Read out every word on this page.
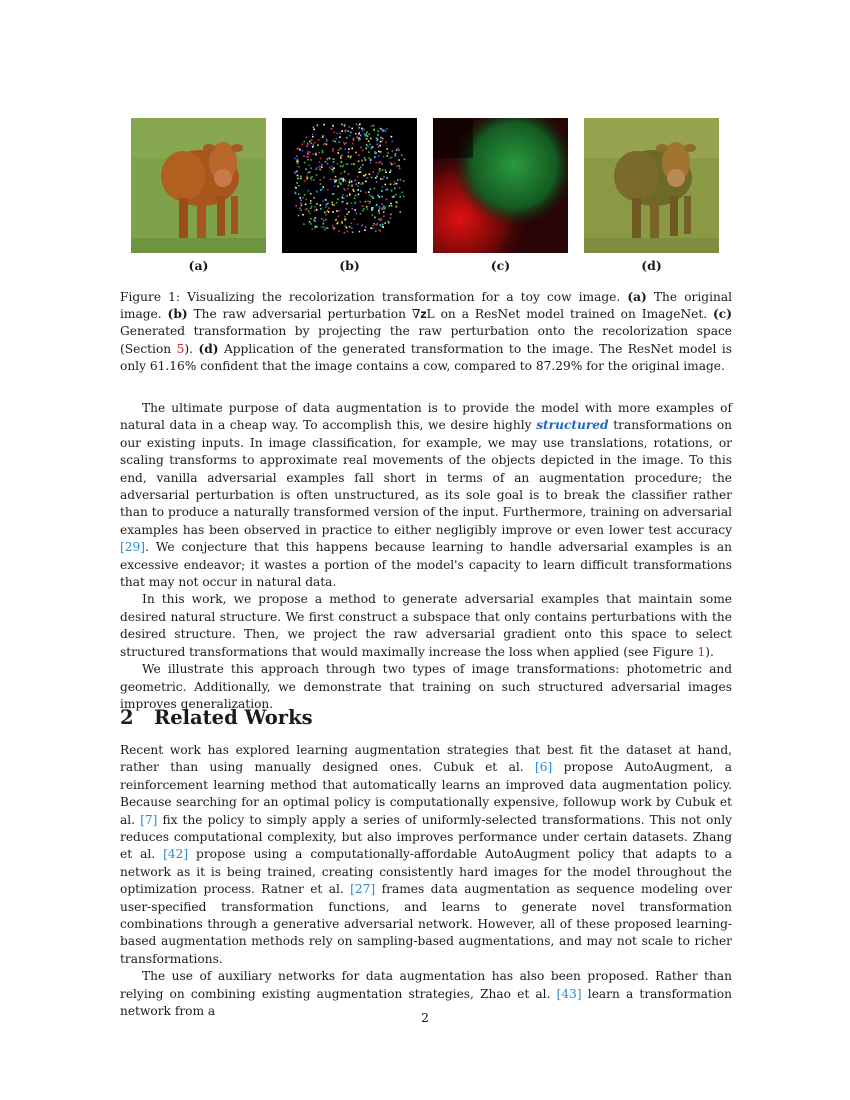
(a)	(b)	(c)	(d)
Figure 1: Visualizing the recolorization transformation for a toy cow image. (a) The original image. (b) The raw adversarial perturbation ∇𝐳L on a ResNet model trained on ImageNet. (c) Generated transformation by projecting the raw perturbation onto the recolorization space (Section 5). (d) Application of the generated transformation to the image. The ResNet model is only 61.16% confident that the image contains a cow, compared to 87.29% for the original image.

The ultimate purpose of data augmentation is to provide the model with more examples of natural data in a cheap way. To accomplish this, we desire highly structured transformations on our existing inputs. In image classification, for example, we may use translations, rotations, or scaling transforms to approximate real movements of the objects depicted in the image. To this end, vanilla adversarial examples fall short in terms of an augmentation procedure; the adversarial perturbation is often unstructured, as its sole goal is to break the classifier rather than to produce a naturally transformed version of the input. Furthermore, training on adversarial examples has been observed in practice to either negligibly improve or even lower test accuracy [29]. We conjecture that this happens because learning to handle adversarial examples is an excessive endeavor; it wastes a portion of the model's capacity to learn difficult transformations that may not occur in natural data.

In this work, we propose a method to generate adversarial examples that maintain some desired natural structure. We first construct a subspace that only contains perturbations with the desired structure. Then, we project the raw adversarial gradient onto this space to select structured transformations that would maximally increase the loss when applied (see Figure 1).

We illustrate this approach through two types of image transformations: photometric and geometric. Additionally, we demonstrate that training on such structured adversarial images improves generalization.

2 Related Works

Recent work has explored learning augmentation strategies that best fit the dataset at hand, rather than using manually designed ones. Cubuk et al. [6] propose AutoAugment, a reinforcement learning method that automatically learns an improved data augmentation policy. Because searching for an optimal policy is computationally expensive, followup work by Cubuk et al. [7] fix the policy to simply apply a series of uniformly-selected transformations. This not only reduces computational complexity, but also improves performance under certain datasets. Zhang et al. [42] propose using a computationally-affordable AutoAugment policy that adapts to a network as it is being trained, creating consistently hard images for the model throughout the optimization process. Ratner et al. [27] frames data augmentation as sequence modeling over user-specified transformation functions, and learns to generate novel transformation combinations through a generative adversarial network. However, all of these proposed learning-based augmentation methods rely on sampling-based augmentations, and may not scale to richer transformations.

The use of auxiliary networks for data augmentation has also been proposed. Rather than relying on combining existing augmentation strategies, Zhao et al. [43] learn a transformation network from a	2
